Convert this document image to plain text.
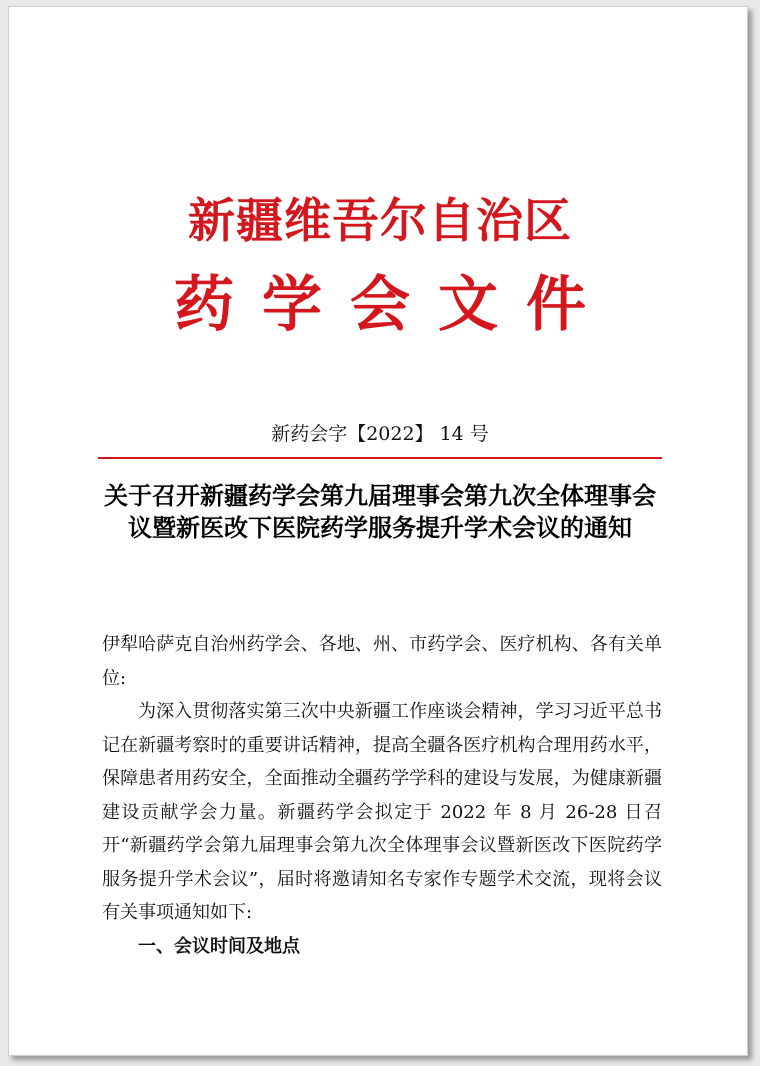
新疆维吾尔自治区
药学会文件
新药会字【2022】 14 号
关于召开新疆药学会第九届理事会第九次全体理事会议暨新医改下医院药学服务提升学术会议的通知

伊犁哈萨克自治州药学会、各地、州、市药学会、医疗机构、各有关单位:

为深入贯彻落实第三次中央新疆工作座谈会精神，学习习近平总书记在新疆考察时的重要讲话精神，提高全疆各医疗机构合理用药水平，保障患者用药安全，全面推动全疆药学学科的建设与发展，为健康新疆建设贡献学会力量。新疆药学会拟定于 2022 年 8 月 26-28 日召开“新疆药学会第九届理事会第九次全体理事会议暨新医改下医院药学服务提升学术会议”，届时将邀请知名专家作专题学术交流，现将会议有关事项通知如下:

一、会议时间及地点
